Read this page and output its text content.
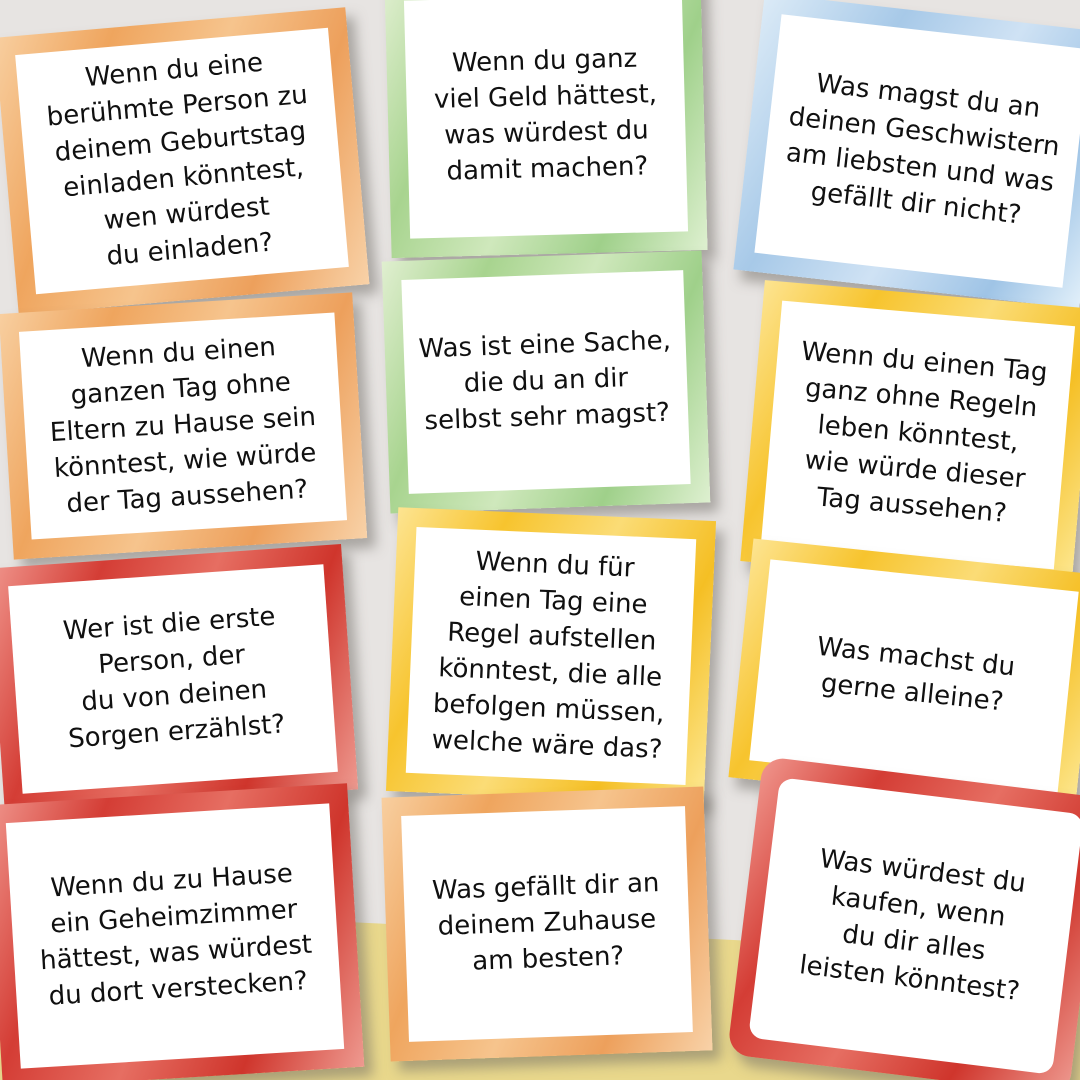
Wenn du eine berühmte Person zu deinem Geburtstag einladen könntest, wen würdest du einladen?
Wenn du ganz viel Geld hättest, was würdest du damit machen?
Was magst du an deinen Geschwistern am liebsten und was gefällt dir nicht?
Wenn du einen ganzen Tag ohne Eltern zu Hause sein könntest, wie würde der Tag aussehen?
Was ist eine Sache, die du an dir selbst sehr magst?
Wenn du einen Tag ganz ohne Regeln leben könntest, wie würde dieser Tag aussehen?
Wer ist die erste Person, der du von deinen Sorgen erzählst?
Wenn du für einen Tag eine Regel aufstellen könntest, die alle befolgen müssen, welche wäre das?
Was machst du gerne alleine?
Wenn du zu Hause ein Geheimzimmer hättest, was würdest du dort verstecken?
Was gefällt dir an deinem Zuhause am besten?
Was würdest du kaufen, wenn du dir alles leisten könntest?
